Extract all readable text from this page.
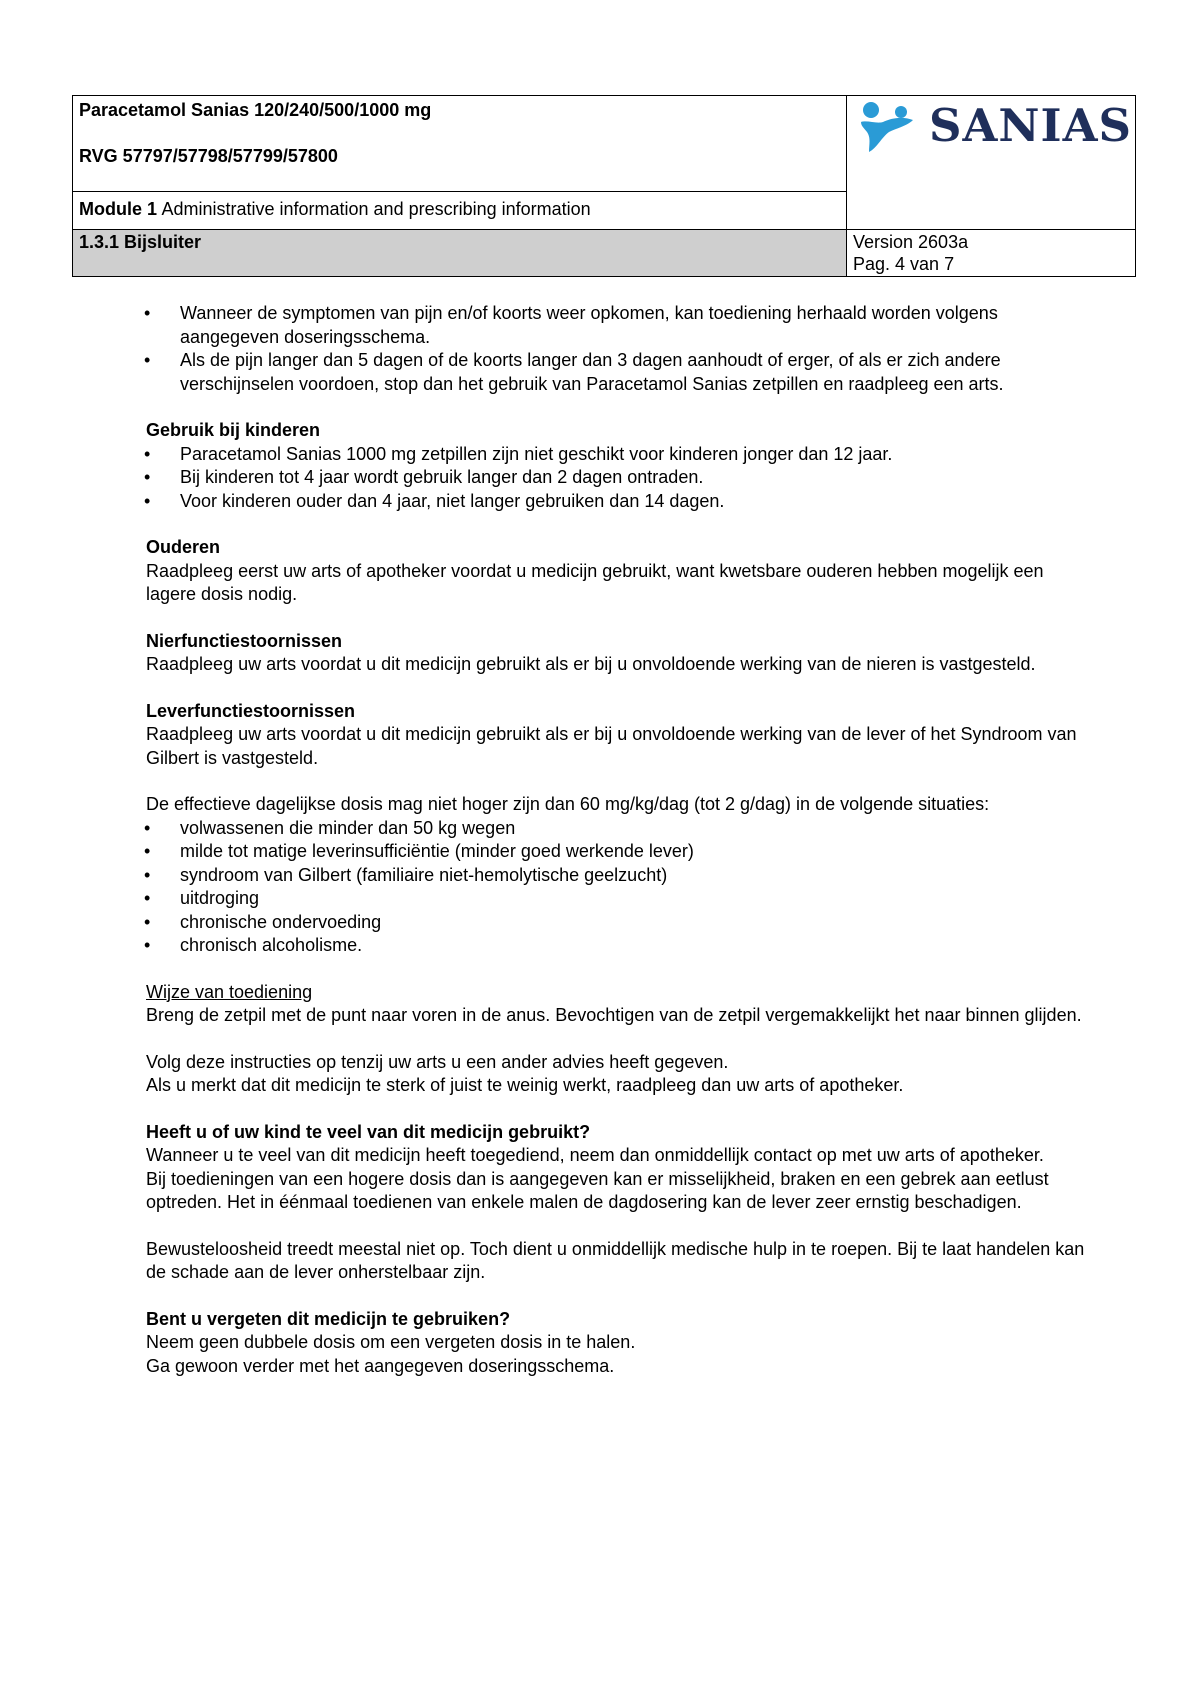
Paracetamol Sanias 120/240/500/1000 mg
RVG 57797/57798/57799/57800
SANIAS
Module 1 Administrative information and prescribing information
1.3.1 Bijsluiter	Version 2603a
Pag. 4 van 7
• Wanneer de symptomen van pijn en/of koorts weer opkomen, kan toediening herhaald worden volgens aangegeven doseringsschema.
• Als de pijn langer dan 5 dagen of de koorts langer dan 3 dagen aanhoudt of erger, of als er zich andere verschijnselen voordoen, stop dan het gebruik van Paracetamol Sanias zetpillen en raadpleeg een arts.

Gebruik bij kinderen

• Paracetamol Sanias 1000 mg zetpillen zijn niet geschikt voor kinderen jonger dan 12 jaar.
• Bij kinderen tot 4 jaar wordt gebruik langer dan 2 dagen ontraden.
• Voor kinderen ouder dan 4 jaar, niet langer gebruiken dan 14 dagen.

Ouderen

Raadpleeg eerst uw arts of apotheker voordat u medicijn gebruikt, want kwetsbare ouderen hebben mogelijk een lagere dosis nodig.

Nierfunctiestoornissen

Raadpleeg uw arts voordat u dit medicijn gebruikt als er bij u onvoldoende werking van de nieren is vastgesteld.

Leverfunctiestoornissen

Raadpleeg uw arts voordat u dit medicijn gebruikt als er bij u onvoldoende werking van de lever of het Syndroom van Gilbert is vastgesteld.

De effectieve dagelijkse dosis mag niet hoger zijn dan 60 mg/kg/dag (tot 2 g/dag) in de volgende situaties:

• volwassenen die minder dan 50 kg wegen
• milde tot matige leverinsufficiëntie (minder goed werkende lever)
• syndroom van Gilbert (familiaire niet-hemolytische geelzucht)
• uitdroging
• chronische ondervoeding
• chronisch alcoholisme.

Wijze van toediening

Breng de zetpil met de punt naar voren in de anus. Bevochtigen van de zetpil vergemakkelijkt het naar binnen glijden.

Volg deze instructies op tenzij uw arts u een ander advies heeft gegeven.

Als u merkt dat dit medicijn te sterk of juist te weinig werkt, raadpleeg dan uw arts of apotheker.

Heeft u of uw kind te veel van dit medicijn gebruikt?

Wanneer u te veel van dit medicijn heeft toegediend, neem dan onmiddellijk contact op met uw arts of apotheker.

Bij toedieningen van een hogere dosis dan is aangegeven kan er misselijkheid, braken en een gebrek aan eetlust optreden. Het in éénmaal toedienen van enkele malen de dagdosering kan de lever zeer ernstig beschadigen.

Bewusteloosheid treedt meestal niet op. Toch dient u onmiddellijk medische hulp in te roepen. Bij te laat handelen kan de schade aan de lever onherstelbaar zijn.

Bent u vergeten dit medicijn te gebruiken?

Neem geen dubbele dosis om een vergeten dosis in te halen.

Ga gewoon verder met het aangegeven doseringsschema.
